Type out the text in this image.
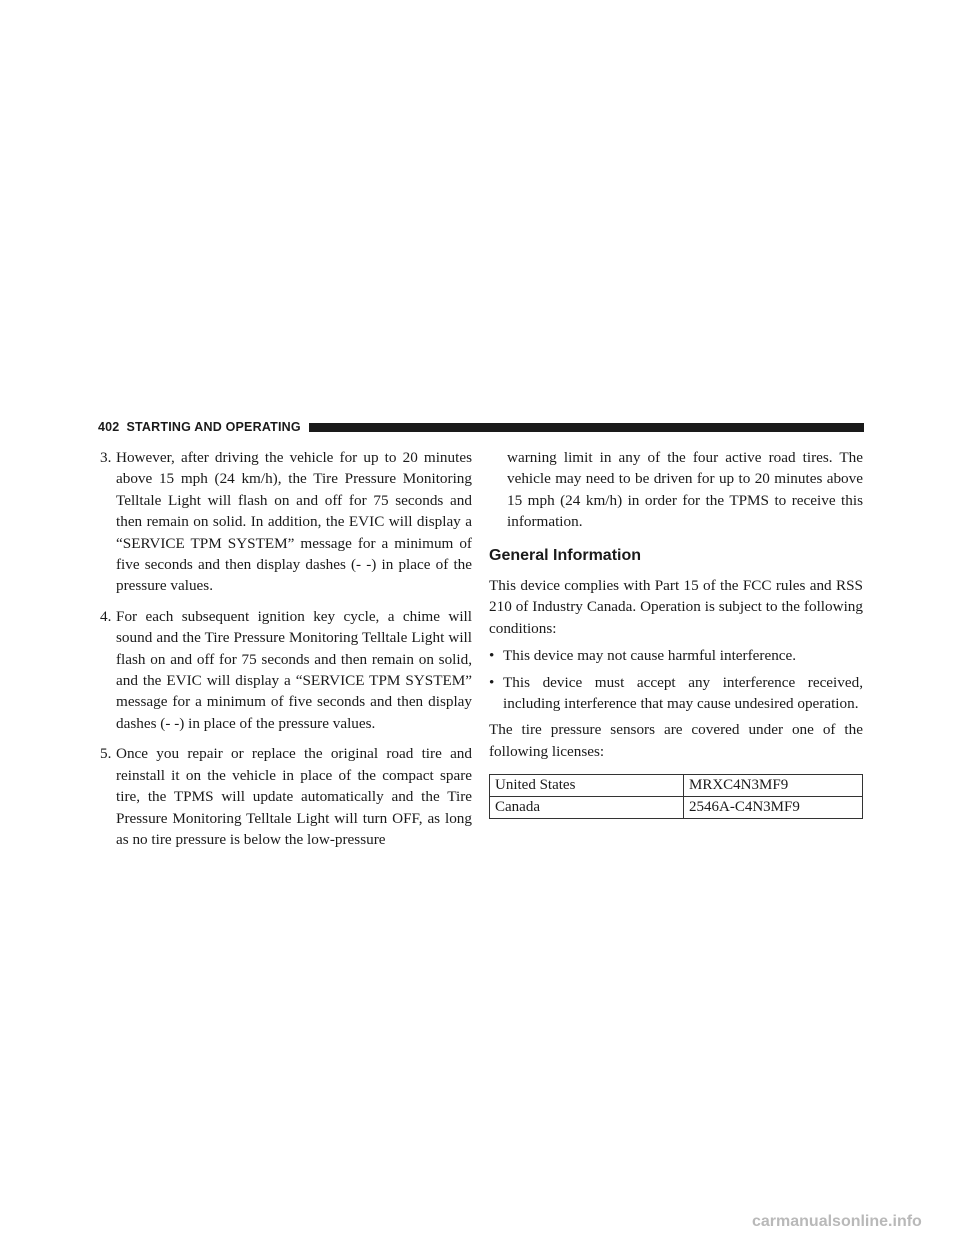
402 STARTING AND OPERATING
3. However, after driving the vehicle for up to 20 minutes above 15 mph (24 km/h), the Tire Pressure Monitoring Telltale Light will flash on and off for 75 seconds and then remain on solid. In addition, the EVIC will display a “SERVICE TPM SYSTEM” message for a minimum of five seconds and then display dashes (- -) in place of the pressure values.
4. For each subsequent ignition key cycle, a chime will sound and the Tire Pressure Monitoring Telltale Light will flash on and off for 75 seconds and then remain on solid, and the EVIC will display a “SERVICE TPM SYSTEM” message for a minimum of five seconds and then display dashes (- -) in place of the pressure values.
5. Once you repair or replace the original road tire and reinstall it on the vehicle in place of the compact spare tire, the TPMS will update automatically and the Tire Pressure Monitoring Telltale Light will turn OFF, as long as no tire pressure is below the low-pressure
warning limit in any of the four active road tires. The vehicle may need to be driven for up to 20 minutes above 15 mph (24 km/h) in order for the TPMS to receive this information.
General Information

This device complies with Part 15 of the FCC rules and RSS 210 of Industry Canada. Operation is subject to the following conditions:

• This device may not cause harmful interference.
• This device must accept any interference received, including interference that may cause undesired operation.

The tire pressure sensors are covered under one of the following licenses:

United States	MRXC4N3MF9
Canada	2546A-C4N3MF9
carmanualsonline.info
